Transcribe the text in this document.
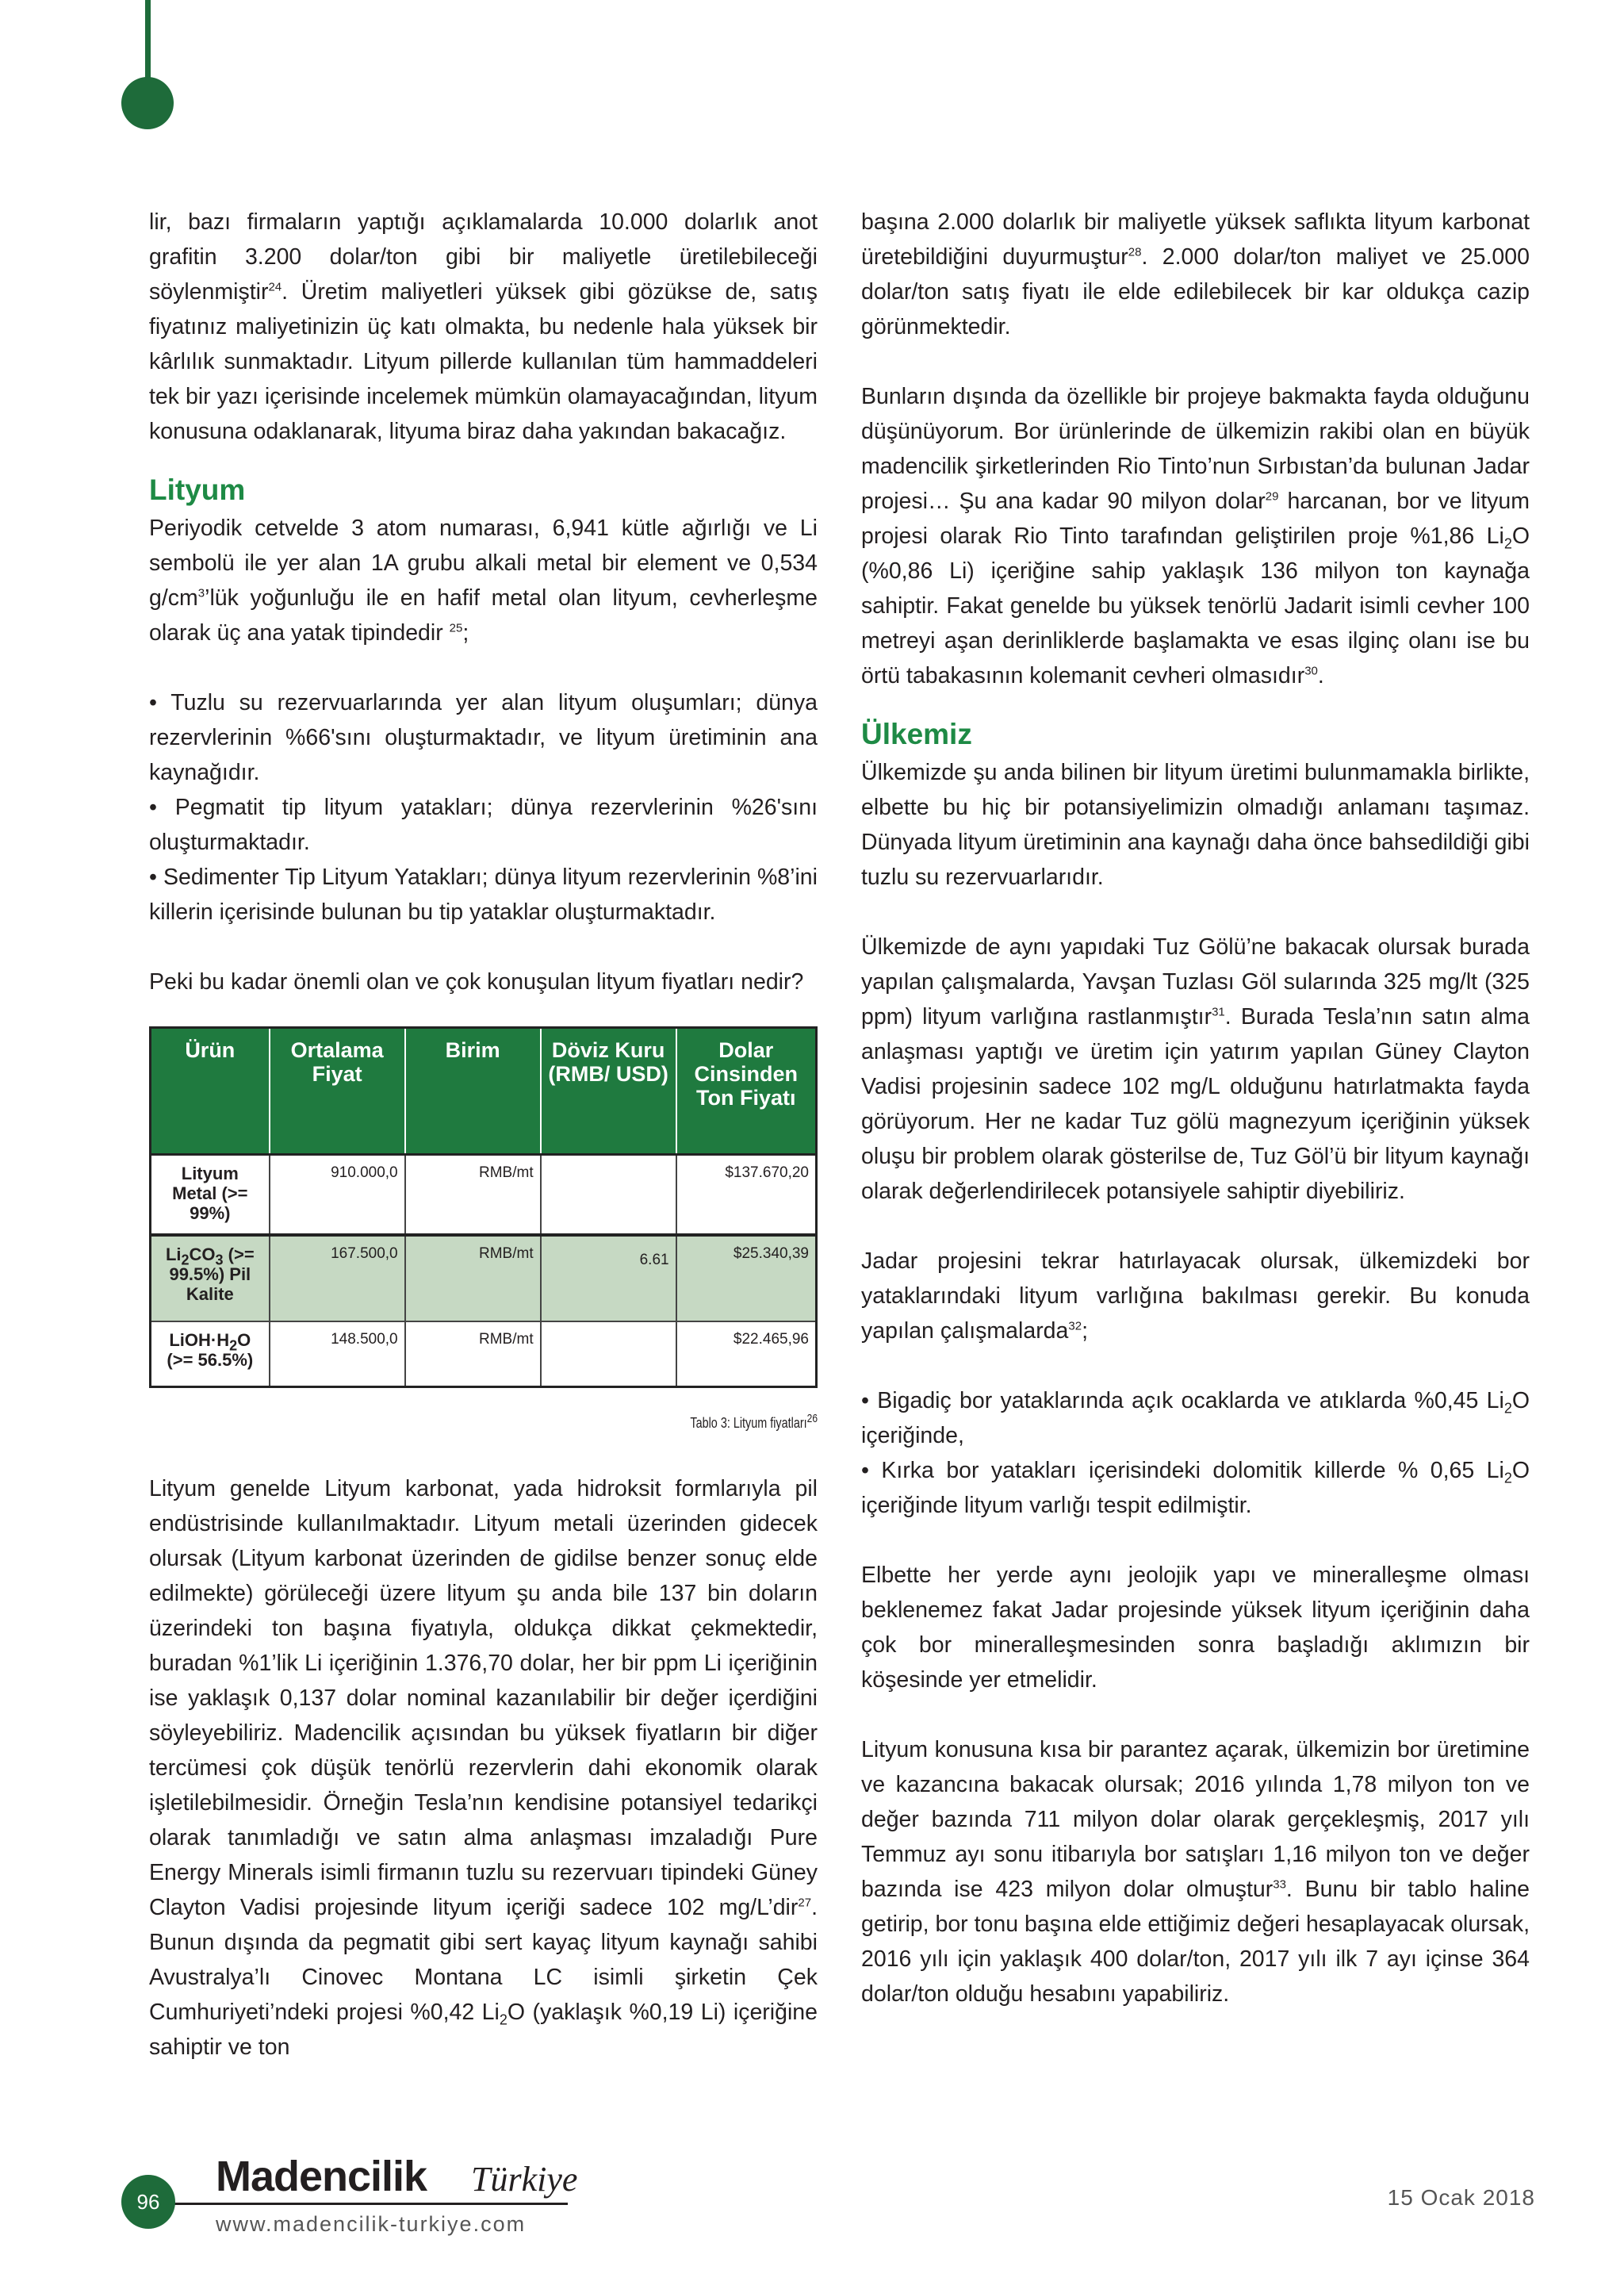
lir, bazı firmaların yaptığı açıklamalarda 10.000 dolarlık anot grafitin 3.200 dolar/ton gibi bir maliyetle üretilebileceği söylenmiştir$^{24}$. Üretim maliyetleri yüksek gibi gözükse de, satış fiyatınız maliyetinizin üç katı olmakta, bu nedenle hala yüksek bir kârlılık sunmaktadır. Lityum pillerde kullanılan tüm hammaddeleri tek bir yazı içerisinde incelemek mümkün olamayacağından, lityum konusuna odaklanarak, lityuma biraz daha yakından bakacağız.

Lityum

Periyodik cetvelde 3 atom numarası, 6,941 kütle ağırlığı ve Li sembolü ile yer alan 1A grubu alkali metal bir element ve 0,534 $g/cm^3’lük$ yoğunluğu ile en hafif metal olan lityum, cevherleşme olarak üç ana yatak tipindedir $^{25}$;

• Tuzlu su rezervuarlarında yer alan lityum oluşumları; dünya rezervlerinin %66'sını oluşturmaktadır, ve lityum üretiminin ana kaynağıdır.

• Pegmatit tip lityum yatakları; dünya rezervlerinin %26'sını oluşturmaktadır.

• Sedimenter Tip Lityum Yatakları; dünya lityum rezervlerinin %8’ini killerin içerisinde bulunan bu tip yataklar oluşturmaktadır.

Peki bu kadar önemli olan ve çok konuşulan lityum fiyatları nedir?

Ürün	Ortalama Fiyat	Birim	Döviz Kuru (RMB/ USD)	Dolar Cinsinden Ton Fiyatı
Lityum Metal (>= 99%)	910.000,0	RMB/mt		$137.670,20
$Li_2CO_3$ (>= 99.5%) Pil Kalite	167.500,0	RMB/mt	6.61	$25.340,39
$LiOH\cdot H_2O$ (>= 56.5%)	148.500,0	RMB/mt		$22.465,96
Tablo 3: Lityum fiyatları$^{26}$

Lityum genelde Lityum karbonat, yada hidroksit formlarıyla pil endüstrisinde kullanılmaktadır. Lityum metali üzerinden gidecek olursak (Lityum karbonat üzerinden de gidilse benzer sonuç elde edilmekte) görüleceği üzere lityum şu anda bile 137 bin doların üzerindeki ton başına fiyatıyla, oldukça dikkat çekmektedir, buradan %1’lik Li içeriğinin 1.376,70 dolar, her bir ppm Li içeriğinin ise yaklaşık 0,137 dolar nominal kazanılabilir bir değer içerdiğini söyleyebiliriz. Madencilik açısından bu yüksek fiyatların bir diğer tercümesi çok düşük tenörlü rezervlerin dahi ekonomik olarak işletilebilmesidir. Örneğin Tesla’nın kendisine potansiyel tedarikçi olarak tanımladığı ve satın alma anlaşması imzaladığı Pure Energy Minerals isimli firmanın tuzlu su rezervuarı tipindeki Güney Clayton Vadisi projesinde lityum içeriği sadece 102 mg/L’dir$^{27}$. Bunun dışında da pegmatit gibi sert kayaç lityum kaynağı sahibi Avustralya’lı Cinovec Montana LC isimli şirketin Çek Cumhuriyeti’ndeki projesi %0,42 $Li_2O$ (yaklaşık %0,19 Li) içeriğine sahiptir ve ton

başına 2.000 dolarlık bir maliyetle yüksek saflıkta lityum karbonat üretebildiğini duyurmuştur$^{28}$. 2.000 dolar/ton maliyet ve 25.000 dolar/ton satış fiyatı ile elde edilebilecek bir kar oldukça cazip görünmektedir.

Bunların dışında da özellikle bir projeye bakmakta fayda olduğunu düşünüyorum. Bor ürünlerinde de ülkemizin rakibi olan en büyük madencilik şirketlerinden Rio Tinto’nun Sırbıstan’da bulunan Jadar projesi… Şu ana kadar 90 milyon dolar$^{29}$ harcanan, bor ve lityum projesi olarak Rio Tinto tarafından geliştirilen proje %1,86 $Li_2O$ (%0,86 Li) içeriğine sahip yaklaşık 136 milyon ton kaynağa sahiptir. Fakat genelde bu yüksek tenörlü Jadarit isimli cevher 100 metreyi aşan derinliklerde başlamakta ve esas ilginç olanı ise bu örtü tabakasının kolemanit cevheri olmasıdır$^{30}$.

Ülkemiz

Ülkemizde şu anda bilinen bir lityum üretimi bulunmamakla birlikte, elbette bu hiç bir potansiyelimizin olmadığı anlamanı taşımaz. Dünyada lityum üretiminin ana kaynağı daha önce bahsedildiği gibi tuzlu su rezervuarlarıdır.

Ülkemizde de aynı yapıdaki Tuz Gölü’ne bakacak olursak burada yapılan çalışmalarda, Yavşan Tuzlası Göl sularında 325 mg/lt (325 ppm) lityum varlığına rastlanmıştır$^{31}$. Burada Tesla’nın satın alma anlaşması yaptığı ve üretim için yatırım yapılan Güney Clayton Vadisi projesinin sadece 102 mg/L olduğunu hatırlatmakta fayda görüyorum. Her ne kadar Tuz gölü magnezyum içeriğinin yüksek oluşu bir problem olarak gösterilse de, Tuz Göl’ü bir lityum kaynağı olarak değerlendirilecek potansiyele sahiptir diyebiliriz.

Jadar projesini tekrar hatırlayacak olursak, ülkemizdeki bor yataklarındaki lityum varlığına bakılması gerekir. Bu konuda yapılan çalışmalarda$^{32}$;

• Bigadiç bor yataklarında açık ocaklarda ve atıklarda %0,45 $Li_2O$ içeriğinde,

• Kırka bor yatakları içerisindeki dolomitik killerde % 0,65 $Li_2O$ içeriğinde lityum varlığı tespit edilmiştir.

Elbette her yerde aynı jeolojik yapı ve mineralleşme olması beklenemez fakat Jadar projesinde yüksek lityum içeriğinin daha çok bor mineralleşmesinden sonra başladığı aklımızın bir köşesinde yer etmelidir.

Lityum konusuna kısa bir parantez açarak, ülkemizin bor üretimine ve kazancına bakacak olursak; 2016 yılında 1,78 milyon ton ve değer bazında 711 milyon dolar olarak gerçekleşmiş, 2017 yılı Temmuz ayı sonu itibarıyla bor satışları 1,16 milyon ton ve değer bazında ise 423 milyon dolar olmuştur$^{33}$. Bunu bir tablo haline getirip, bor tonu başına elde ettiğimiz değeri hesaplayacak olursak, 2016 yılı için yaklaşık 400 dolar/ton, 2017 yılı ilk 7 ayı içinse 364 dolar/ton olduğu hesabını yapabiliriz.

96
Madencilik Türkiye
www.madencilik-turkiye.com
15 Ocak 2018
